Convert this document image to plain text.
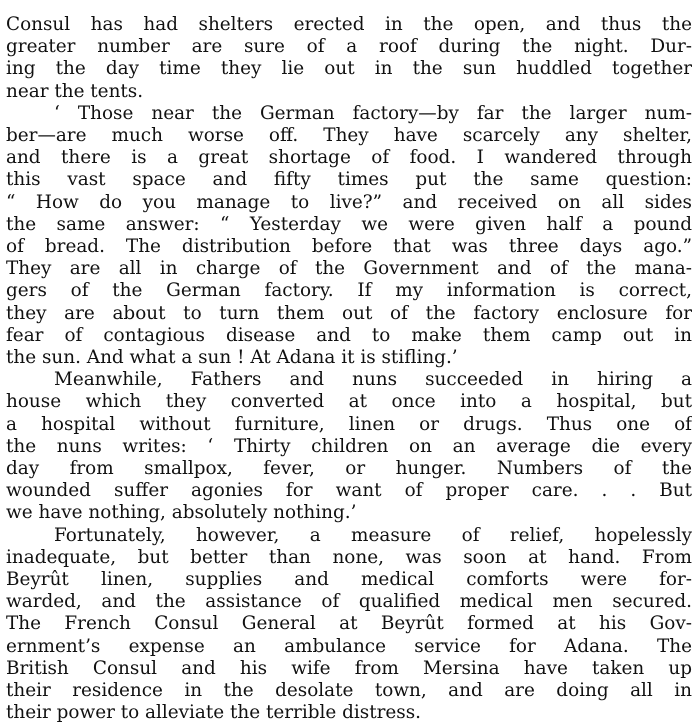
Consul has had shelters erected in the open, and thus the
greater number are sure of a roof during the night. Dur-
ing the day time they lie out in the sun huddled together
near the tents.
‘ Those near the German factory—by far the larger num-
ber—are much worse off. They have scarcely any shelter,
and there is a great shortage of food. I wandered through
this vast space and fifty times put the same question:
“ How do you manage to live?” and received on all sides
the same answer: “ Yesterday we were given half a pound
of bread. The distribution before that was three days ago.”
They are all in charge of the Government and of the mana-
gers of the German factory. If my information is correct,
they are about to turn them out of the factory enclosure for
fear of contagious disease and to make them camp out in
the sun. And what a sun ! At Adana it is stifling.’
Meanwhile, Fathers and nuns succeeded in hiring a
house which they converted at once into a hospital, but
a hospital without furniture, linen or drugs. Thus one of
the nuns writes: ‘ Thirty children on an average die every
day from smallpox, fever, or hunger. Numbers of the
wounded suffer agonies for want of proper care. . . But
we have nothing, absolutely nothing.’
Fortunately, however, a measure of relief, hopelessly
inadequate, but better than none, was soon at hand. From
Beyrût linen, supplies and medical comforts were for-
warded, and the assistance of qualified medical men secured.
The French Consul General at Beyrût formed at his Gov-
ernment’s expense an ambulance service for Adana. The
British Consul and his wife from Mersina have taken up
their residence in the desolate town, and are doing all in
their power to alleviate the terrible distress.
